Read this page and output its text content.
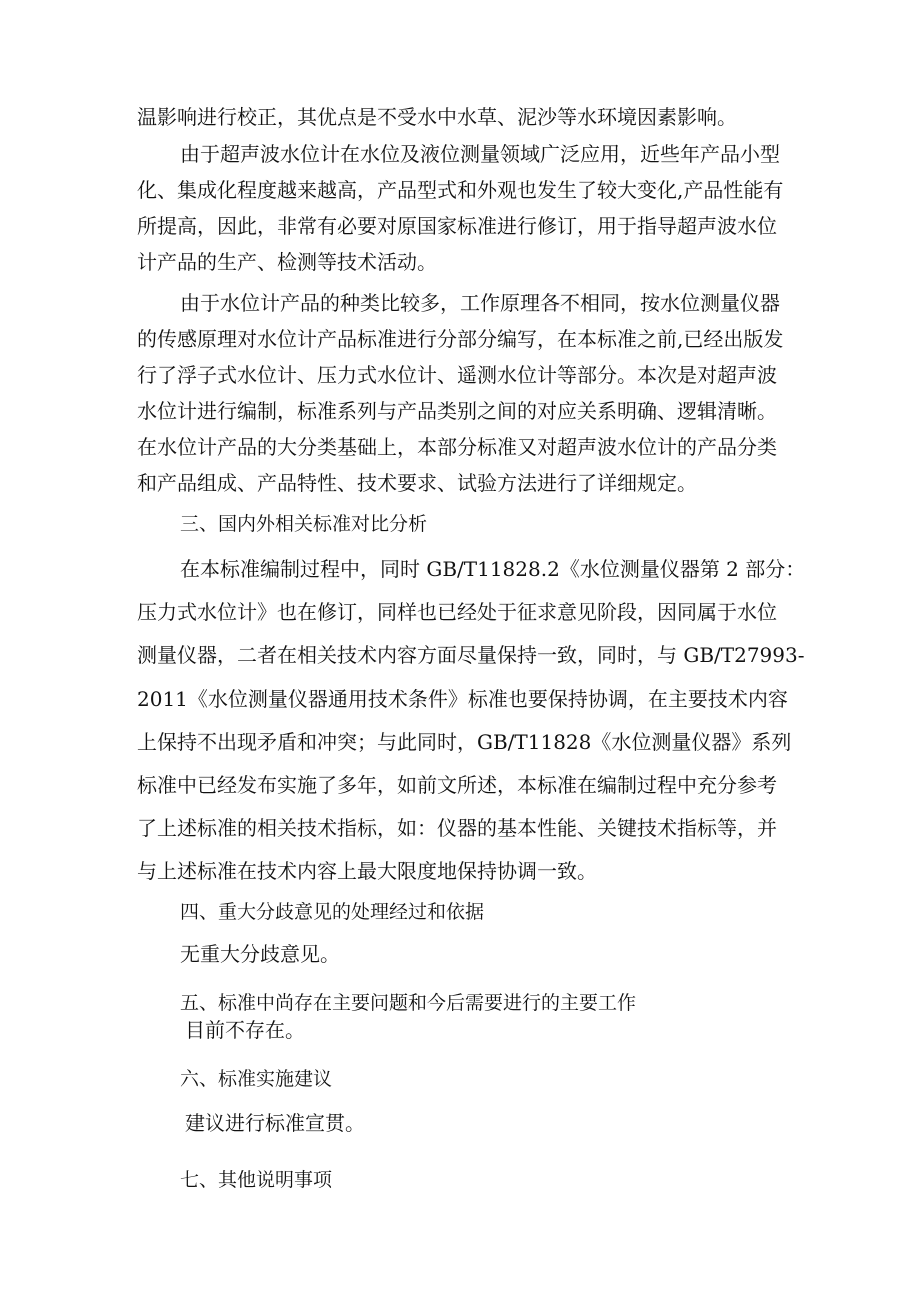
温影响进行校正，其优点是不受水中水草、泥沙等水环境因素影响。
由于超声波水位计在水位及液位测量领域广泛应用，近些年产品小型
化、集成化程度越来越高，产品型式和外观也发生了较大变化,产品性能有
所提高，因此，非常有必要对原国家标准进行修订，用于指导超声波水位
计产品的生产、检测等技术活动。
由于水位计产品的种类比较多，工作原理各不相同，按水位测量仪器
的传感原理对水位计产品标准进行分部分编写，在本标准之前,已经出版发
行了浮子式水位计、压力式水位计、遥测水位计等部分。本次是对超声波
水位计进行编制，标准系列与产品类别之间的对应关系明确、逻辑清晰。
在水位计产品的大分类基础上，本部分标准又对超声波水位计的产品分类
和产品组成、产品特性、技术要求、试验方法进行了详细规定。
三、国内外相关标准对比分析
在本标准编制过程中，同时 GB/T11828.2《水位测量仪器第 2 部分：
压力式水位计》也在修订，同样也已经处于征求意见阶段，因同属于水位
测量仪器，二者在相关技术内容方面尽量保持一致，同时，与 GB/T27993-
2011《水位测量仪器通用技术条件》标准也要保持协调，在主要技术内容
上保持不出现矛盾和冲突；与此同时，GB/T11828《水位测量仪器》系列
标准中已经发布实施了多年，如前文所述，本标准在编制过程中充分参考
了上述标准的相关技术指标，如：仪器的基本性能、关键技术指标等，并
与上述标准在技术内容上最大限度地保持协调一致。
四、重大分歧意见的处理经过和依据
无重大分歧意见。
五、标准中尚存在主要问题和今后需要进行的主要工作
目前不存在。
六、标准实施建议
建议进行标准宣贯。
七、其他说明事项
